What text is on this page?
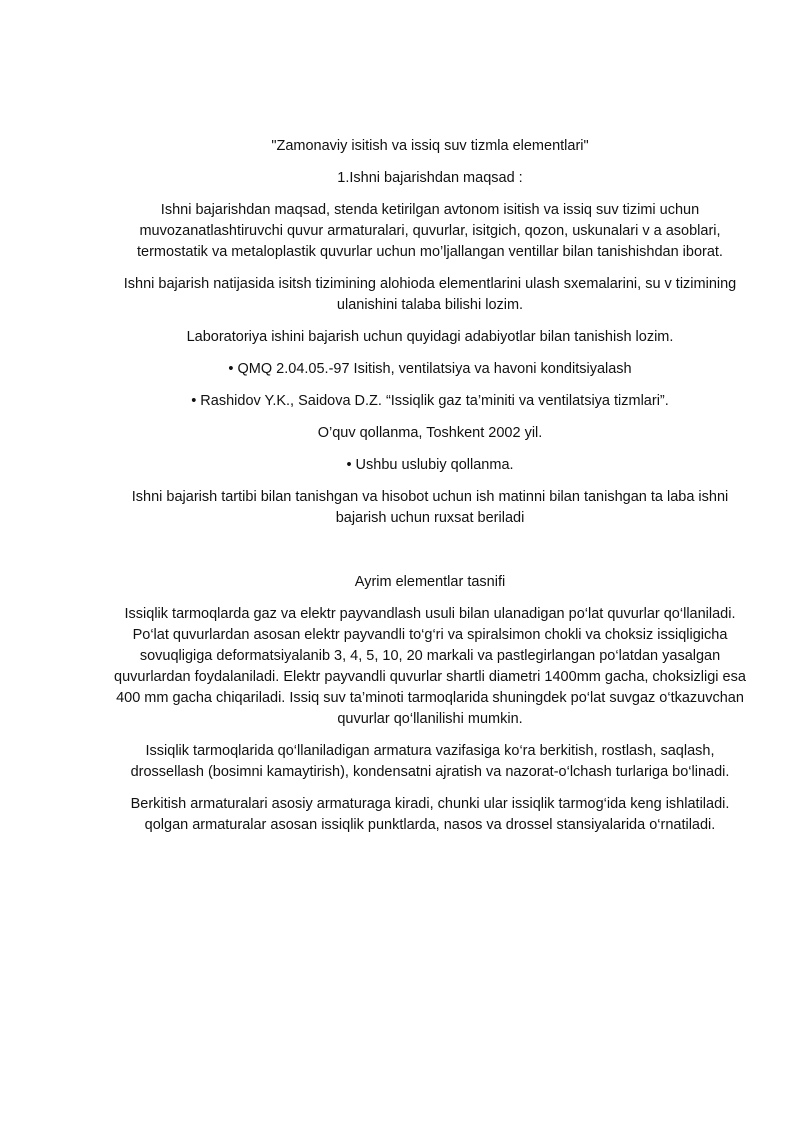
"Zamonaviy isitish va issiq suv tizmla elementlari"

1.Ishni bajarishdan maqsad :

Ishni bajarishdan maqsad, stenda ketirilgan avtonom isitish va issiq suv tizimi uchun muvozanatlashtiruvchi quvur armaturalari, quvurlar, isitgich, qozon, uskunalari v a asoblari, termostatik va metaloplastik quvurlar uchun mo’ljallangan ventillar bilan tanishishdan iborat.

Ishni bajarish natijasida isitsh tizimining alohioda elementlarini ulash sxemalarini, su v tizimining ulanishini talaba bilishi lozim.

Laboratoriya ishini bajarish uchun quyidagi adabiyotlar bilan tanishish lozim.

• QMQ 2.04.05.-97 Isitish, ventilatsiya va havoni konditsiyalash

• Rashidov Y.K., Saidova D.Z. “Issiqlik gaz ta’minitі va ventilatsiya tizmlari”.

O’quv qollanma, Toshkent 2002 yil.

• Ushbu uslubiy qollanma.

Ishni bajarish tartibi bilan tanishgan va hisobot uchun ish matinni bilan tanishgan ta laba ishni bajarish uchun ruxsat beriladi

Ayrim elementlar tasnifi

Issiqlik tarmoqlarda gaz va elektr payvandlash usuli bilan ulanadigan po‘lat quvurlar qo‘llaniladi. Po‘lat quvurlardan asosan elektr payvandli to‘g‘ri va spiralsimon chokli va choksiz issiqligicha sovuqligiga deformatsiyalanib 3, 4, 5, 10, 20 markali va pastlegirlangan po‘latdan yasalgan quvurlardan foydalaniladi. Elektr payvandli quvurlar shartli diametri 1400mm gacha, choksizligi esa 400 mm gacha chiqariladi. Issiq suv ta’minoti tarmoqlarida shuningdek po‘lat suvgaz o‘tkazuvchan quvurlar qo‘llanilishi mumkin.

Issiqlik tarmoqlarida qo‘llaniladigan armatura vazifasiga ko‘ra berkitish, rostlash, saqlash, drossellash (bosimni kamaytirish), kondensatni ajratish va nazorat-o‘lchash turlariga bo‘linadi.

Berkitish armaturalari asosiy armaturaga kiradi, chunki ular issiqlik tarmog‘ida keng ishlatiladi. qolgan armaturalar asosan issiqlik punktlarda, nasos va drossel stansiyalarida o‘rnatiladi.
